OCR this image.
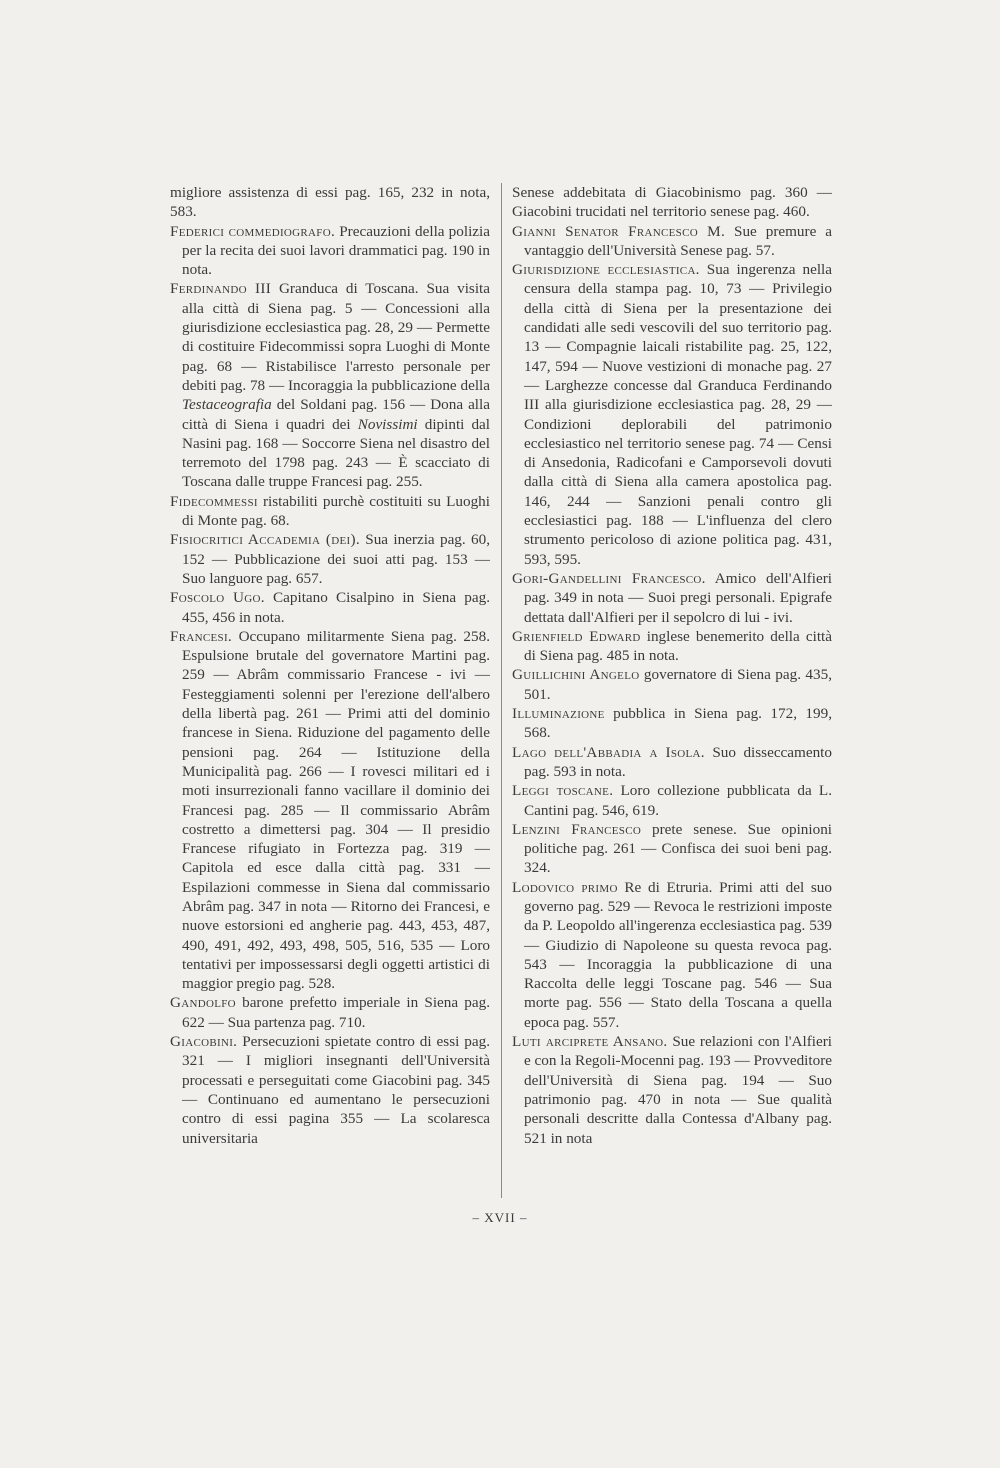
migliore assistenza di essi pag. 165, 232 in nota, 583.

Federici commediografo. Precauzioni della polizia per la recita dei suoi lavori drammatici pag. 190 in nota.

Ferdinando III Granduca di Toscana. Sua visita alla città di Siena pag. 5 — Concessioni alla giurisdizione ecclesiastica pag. 28, 29 — Permette di costituire Fidecommissi sopra Luoghi di Monte pag. 68 — Ristabilisce l'arresto personale per debiti pag. 78 — Incoraggia la pubblicazione della Testaceografia del Soldani pag. 156 — Dona alla città di Siena i quadri dei Novissimi dipinti dal Nasini pag. 168 — Soccorre Siena nel disastro del terremoto del 1798 pag. 243 — È scacciato di Toscana dalle truppe Francesi pag. 255.

Fidecommessi ristabiliti purchè costituiti su Luoghi di Monte pag. 68.

Fisiocritici Accademia (dei). Sua inerzia pag. 60, 152 — Pubblicazione dei suoi atti pag. 153 — Suo languore pag. 657.

Foscolo Ugo. Capitano Cisalpino in Siena pag. 455, 456 in nota.

Francesi. Occupano militarmente Siena pag. 258. Espulsione brutale del governatore Martini pag. 259 — Abrâm commissario Francese - ivi — Festeggiamenti solenni per l'erezione dell'albero della libertà pag. 261 — Primi atti del dominio francese in Siena. Riduzione del pagamento delle pensioni pag. 264 — Istituzione della Municipalità pag. 266 — I rovesci militari ed i moti insurrezionali fanno vacillare il dominio dei Francesi pag. 285 — Il commissario Abrâm costretto a dimettersi pag. 304 — Il presidio Francese rifugiato in Fortezza pag. 319 — Capitola ed esce dalla città pag. 331 — Espilazioni commesse in Siena dal commissario Abrâm pag. 347 in nota — Ritorno dei Francesi, e nuove estorsioni ed angherie pag. 443, 453, 487, 490, 491, 492, 493, 498, 505, 516, 535 — Loro tentativi per impossessarsi degli oggetti artistici di maggior pregio pag. 528.

Gandolfo barone prefetto imperiale in Siena pag. 622 — Sua partenza pag. 710.

Giacobini. Persecuzioni spietate contro di essi pag. 321 — I migliori insegnanti dell'Università processati e perseguitati come Giacobini pag. 345 — Continuano ed aumentano le persecuzioni contro di essi pagina 355 — La scolaresca universitaria

Senese addebitata di Giacobinismo pag. 360 — Giacobini trucidati nel territorio senese pag. 460.

Gianni Senator Francesco M. Sue premure a vantaggio dell'Università Senese pag. 57.

Giurisdizione ecclesiastica. Sua ingerenza nella censura della stampa pag. 10, 73 — Privilegio della città di Siena per la presentazione dei candidati alle sedi vescovili del suo territorio pag. 13 — Compagnie laicali ristabilite pag. 25, 122, 147, 594 — Nuove vestizioni di monache pag. 27 — Larghezze concesse dal Granduca Ferdinando III alla giurisdizione ecclesiastica pag. 28, 29 — Condizioni deplorabili del patrimonio ecclesiastico nel territorio senese pag. 74 — Censi di Ansedonia, Radicofani e Camporsevoli dovuti dalla città di Siena alla camera apostolica pag. 146, 244 — Sanzioni penali contro gli ecclesiastici pag. 188 — L'influenza del clero strumento pericoloso di azione politica pag. 431, 593, 595.

Gori-Gandellini Francesco. Amico dell'Alfieri pag. 349 in nota — Suoi pregi personali. Epigrafe dettata dall'Alfieri per il sepolcro di lui - ivi.

Grienfield Edward inglese benemerito della città di Siena pag. 485 in nota.

Guillichini Angelo governatore di Siena pag. 435, 501.

Illuminazione pubblica in Siena pag. 172, 199, 568.

Lago dell'Abbadia a Isola. Suo disseccamento pag. 593 in nota.

Leggi toscane. Loro collezione pubblicata da L. Cantini pag. 546, 619.

Lenzini Francesco prete senese. Sue opinioni politiche pag. 261 — Confisca dei suoi beni pag. 324.

Lodovico primo Re di Etruria. Primi atti del suo governo pag. 529 — Revoca le restrizioni imposte da P. Leopoldo all'ingerenza ecclesiastica pag. 539 — Giudizio di Napoleone su questa revoca pag. 543 — Incoraggia la pubblicazione di una Raccolta delle leggi Toscane pag. 546 — Sua morte pag. 556 — Stato della Toscana a quella epoca pag. 557.

Luti arciprete Ansano. Sue relazioni con l'Alfieri e con la Regoli-Mocenni pag. 193 — Provveditore dell'Università di Siena pag. 194 — Suo patrimonio pag. 470 in nota — Sue qualità personali descritte dalla Contessa d'Albany pag. 521 in nota

– XVII –
